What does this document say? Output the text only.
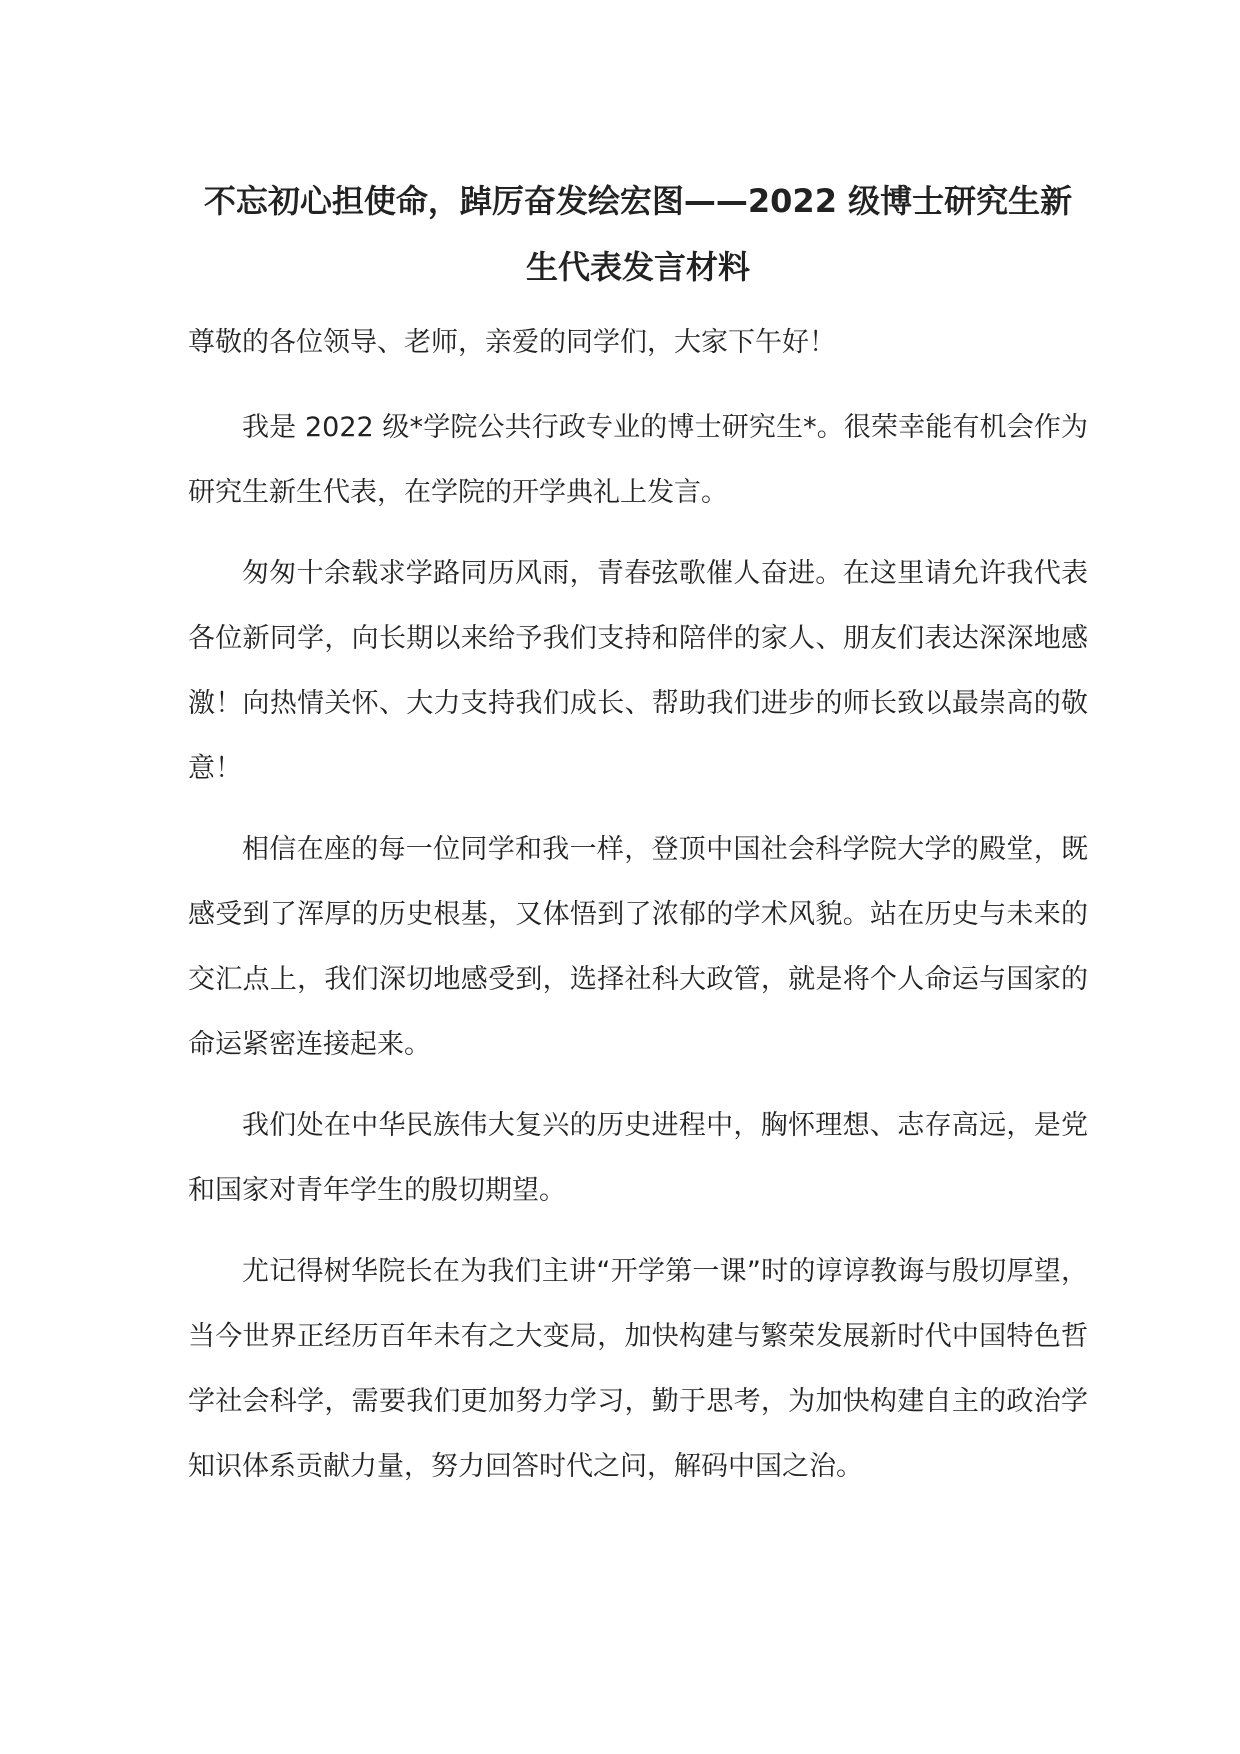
不忘初心担使命，踔厉奋发绘宏图——2022 级博士研究生新生代表发言材料

尊敬的各位领导、老师，亲爱的同学们，大家下午好！

我是 2022 级*学院公共行政专业的博士研究生*。很荣幸能有机会作为研究生新生代表，在学院的开学典礼上发言。

匆匆十余载求学路同历风雨，青春弦歌催人奋进。在这里请允许我代表各位新同学，向长期以来给予我们支持和陪伴的家人、朋友们表达深深地感激！向热情关怀、大力支持我们成长、帮助我们进步的师长致以最崇高的敬意！

相信在座的每一位同学和我一样，登顶中国社会科学院大学的殿堂，既感受到了浑厚的历史根基，又体悟到了浓郁的学术风貌。站在历史与未来的交汇点上，我们深切地感受到，选择社科大政管，就是将个人命运与国家的命运紧密连接起来。

我们处在中华民族伟大复兴的历史进程中，胸怀理想、志存高远，是党和国家对青年学生的殷切期望。

尤记得树华院长在为我们主讲“开学第一课”时的谆谆教诲与殷切厚望，当今世界正经历百年未有之大变局，加快构建与繁荣发展新时代中国特色哲学社会科学，需要我们更加努力学习，勤于思考，为加快构建自主的政治学知识体系贡献力量，努力回答时代之问，解码中国之治。
